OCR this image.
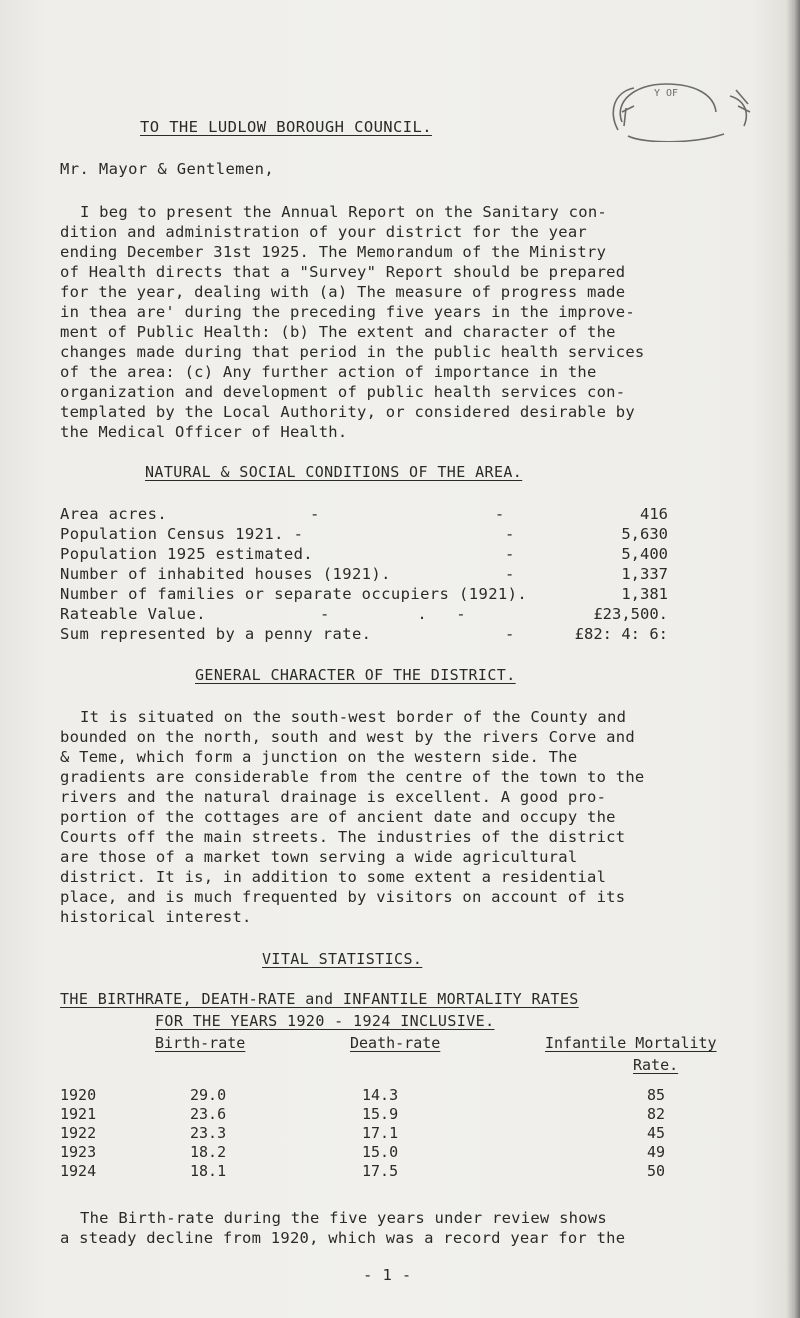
Y OF
TO THE LUDLOW BOROUGH COUNCIL.
Mr. Mayor & Gentlemen,
I beg to present the Annual Report on the Sanitary con-
dition and administration of your district for the year
ending December 31st 1925. The Memorandum of the Ministry
of Health directs that a "Survey" Report should be prepared
for the year, dealing with (a) The measure of progress made
in thea are' during the preceding five years in the improve-
ment of Public Health: (b) The extent and character of the
changes made during that period in the public health services
of the area: (c) Any further action of importance in the
organization and development of public health services con-
templated by the Local Authority, or considered desirable by
the Medical Officer of Health.
NATURAL & SOCIAL CONDITIONS OF THE AREA.
Area acres.	-                  -	416
Population Census 1921. -	-	5,630
Population 1925 estimated.	-	5,400
Number of inhabited houses (1921).	-	1,337
Number of families or separate occupiers (1921).	1,381
Rateable Value.	-         .   -	£23,500.
Sum represented by a penny rate.	-	£82: 4: 6:
GENERAL CHARACTER OF THE DISTRICT.
It is situated on the south-west border of the County and
bounded on the north, south and west by the rivers Corve and
& Teme, which form a junction on the western side. The
gradients are considerable from the centre of the town to the
rivers and the natural drainage is excellent. A good pro-
portion of the cottages are of ancient date and occupy the
Courts off the main streets. The industries of the district
are those of a market town serving a wide agricultural
district. It is, in addition to some extent a residential
place, and is much frequented by visitors on account of its
historical interest.
VITAL STATISTICS.
THE BIRTHRATE, DEATH-RATE and INFANTILE MORTALITY RATES
FOR THE YEARS 1920 - 1924 INCLUSIVE.
Birth-rate	Death-rate	Infantile Mortality
Rate.
1920	29.0	14.3	85
1921	23.6	15.9	82
1922	23.3	17.1	45
1923	18.2	15.0	49
1924	18.1	17.5	50
The Birth-rate during the five years under review shows
a steady decline from 1920, which was a record year for the
- 1 -
